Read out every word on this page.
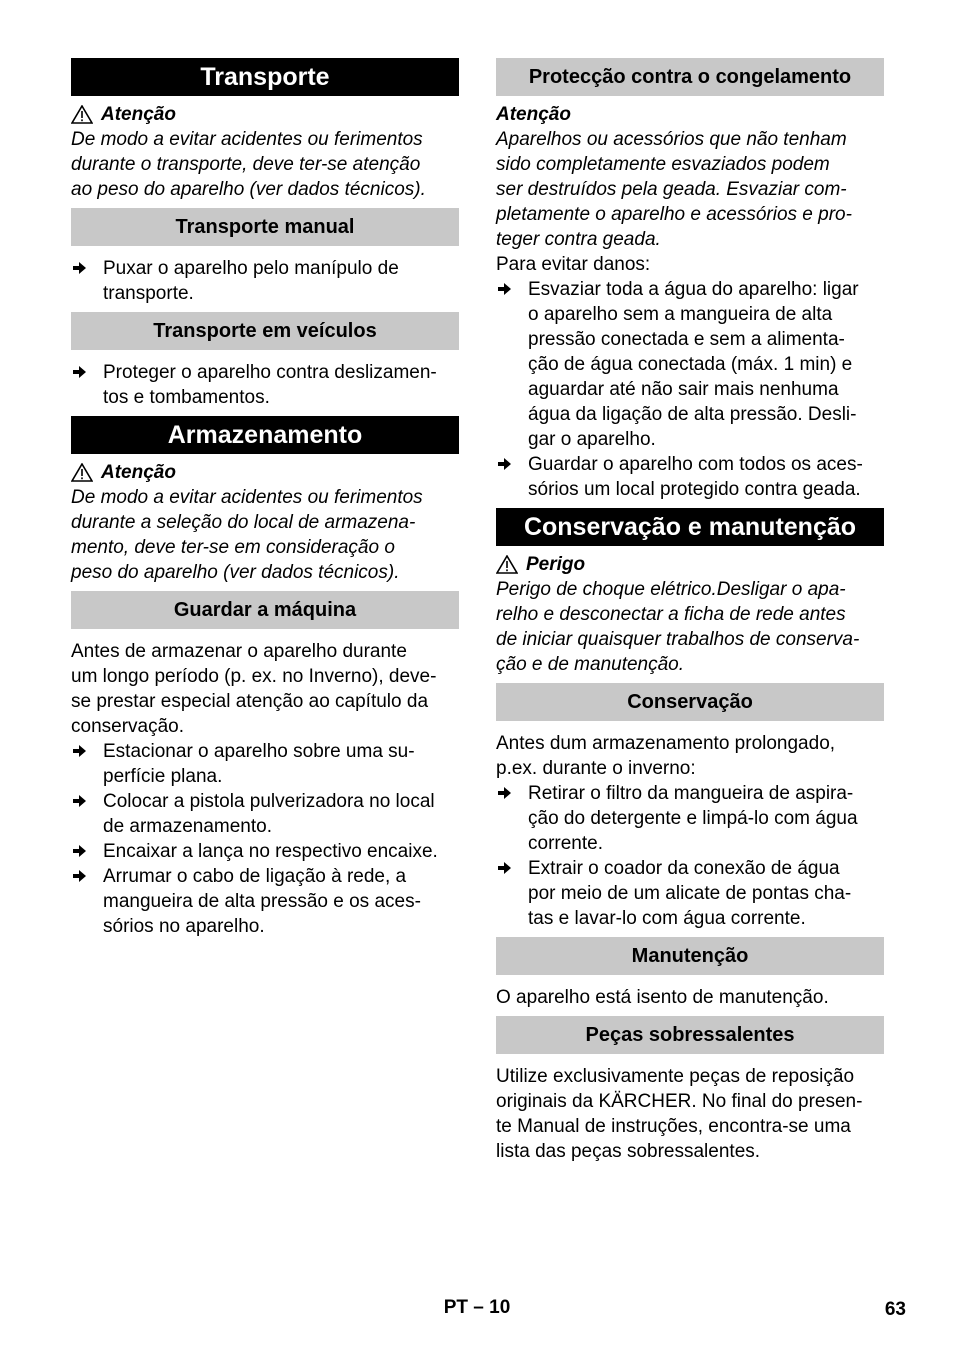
Transporte
Atenção
De modo a evitar acidentes ou ferimentos
durante o transporte, deve ter-se atenção
ao peso do aparelho (ver dados técnicos).
Transporte manual
Puxar o aparelho pelo manípulo de
transporte.
Transporte em veículos
Proteger o aparelho contra deslizamen-
tos e tombamentos.
Armazenamento
Atenção
De modo a evitar acidentes ou ferimentos
durante a seleção do local de armazena-
mento, deve ter-se em consideração o
peso do aparelho (ver dados técnicos).
Guardar a máquina
Antes de armazenar o aparelho durante
um longo período (p. ex. no Inverno), deve-
se prestar especial atenção ao capítulo da
conservação.
Estacionar o aparelho sobre uma su-
perfície plana.
Colocar a pistola pulverizadora no local
de armazenamento.
Encaixar a lança no respectivo encaixe.
Arrumar o cabo de ligação à rede, a
mangueira de alta pressão e os aces-
sórios no aparelho.
Protecção contra o congelamento
Atenção
Aparelhos ou acessórios que não tenham
sido completamente esvaziados podem
ser destruídos pela geada. Esvaziar com-
pletamente o aparelho e acessórios e pro-
teger contra geada.
Para evitar danos:
Esvaziar toda a água do aparelho: ligar
o aparelho sem a mangueira de alta
pressão conectada e sem a alimenta-
ção de água conectada (máx. 1 min) e
aguardar até não sair mais nenhuma
água da ligação de alta pressão. Desli-
gar o aparelho.
Guardar o aparelho com todos os aces-
sórios um local protegido contra geada.
Conservação e manutenção
Perigo
Perigo de choque elétrico.Desligar o apa-
relho e desconectar a ficha de rede antes
de iniciar quaisquer trabalhos de conserva-
ção e de manutenção.
Conservação
Antes dum armazenamento prolongado,
p.ex. durante o inverno:
Retirar o filtro da mangueira de aspira-
ção do detergente e limpá-lo com água
corrente.
Extrair o coador da conexão de água
por meio de um alicate de pontas cha-
tas e lavar-lo com água corrente.
Manutenção
O aparelho está isento de manutenção.
Peças sobressalentes
Utilize exclusivamente peças de reposição
originais da KÄRCHER. No final do presen-
te Manual de instruções, encontra-se uma
lista das peças sobressalentes.
PT – 10	63
